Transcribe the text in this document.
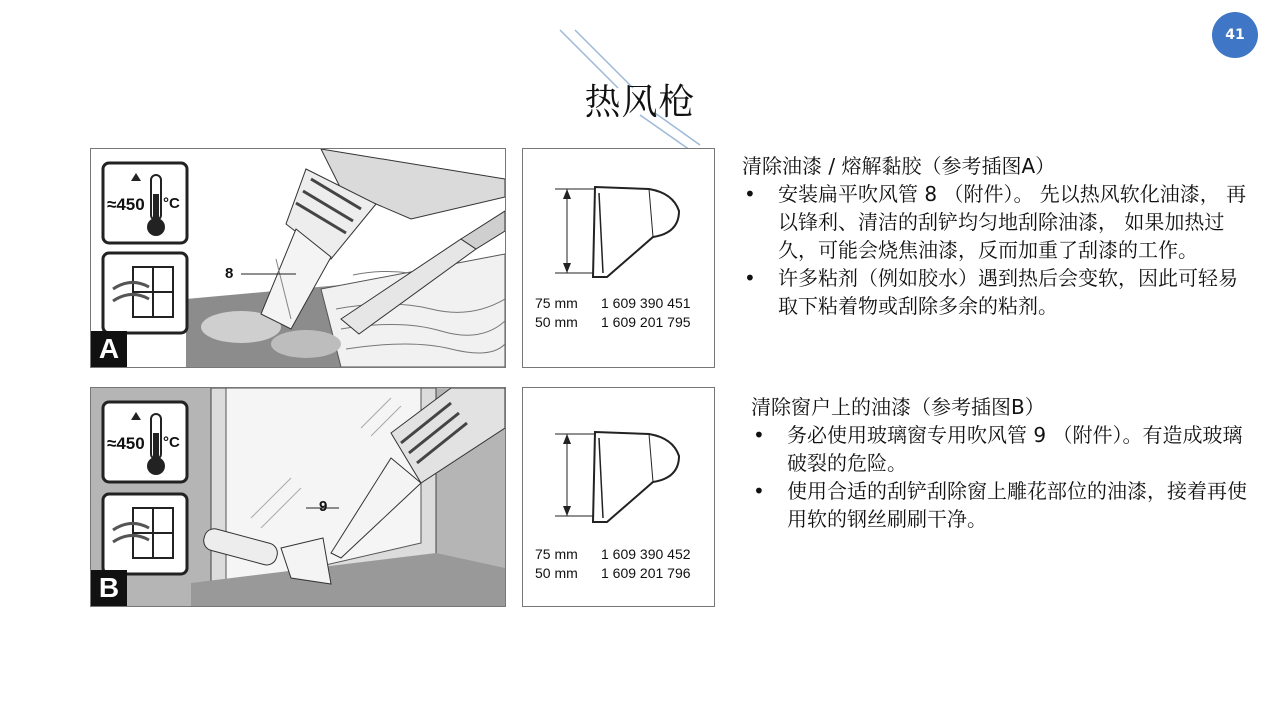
41
热风枪
≈450 °C
8
A
75 mm	1 609 390 451
50 mm	1 609 201 795
≈450 °C
9
B
75 mm	1 609 390 452
50 mm	1 609 201 796

清除油漆 / 熔解黏胶（参考插图A）

• 安装扁平吹风管 8 （附件）。 先以热风软化油漆， 再以锋利、清洁的刮铲均匀地刮除油漆， 如果加热过久，可能会烧焦油漆，反而加重了刮漆的工作。
• 许多粘剂（例如胶水）遇到热后会变软，因此可轻易取下粘着物或刮除多余的粘剂。

清除窗户上的油漆（参考插图B）

• 务必使用玻璃窗专用吹风管 9 （附件）。有造成玻璃破裂的危险。
• 使用合适的刮铲刮除窗上雕花部位的油漆，接着再使用软的钢丝刷刷干净。
